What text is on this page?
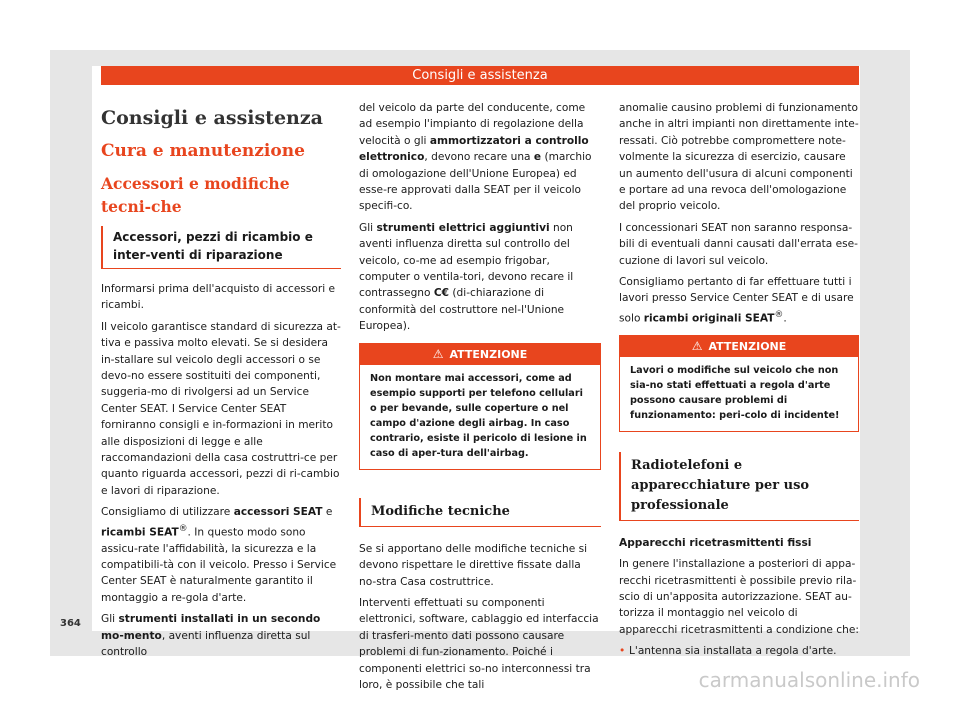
Consigli e assistenza
Consigli e assistenza
Cura e manutenzione
Accessori e modifiche tecni-che
Accessori, pezzi di ricambio e inter-venti di riparazione

Informarsi prima dell'acquisto di accessori e ricambi.

Il veicolo garantisce standard di sicurezza at-tiva e passiva molto elevati. Se si desidera in-stallare sul veicolo degli accessori o se devo-no essere sostituiti dei componenti, suggeria-mo di rivolgersi ad un Service Center SEAT. I Service Center SEAT forniranno consigli e in-formazioni in merito alle disposizioni di legge e alle raccomandazioni della casa costruttri-ce per quanto riguarda accessori, pezzi di ri-cambio e lavori di riparazione.

Consigliamo di utilizzare accessori SEAT e ricambi SEAT®. In questo modo sono assicu-rate l'affidabilità, la sicurezza e la compatibili-tà con il veicolo. Presso i Service Center SEAT è naturalmente garantito il montaggio a re-gola d'arte.

Gli strumenti installati in un secondo mo-mento, aventi influenza diretta sul controllo

del veicolo da parte del conducente, come ad esempio l'impianto di regolazione della velocità o gli ammortizzatori a controllo elettronico, devono recare una e (marchio di omologazione dell'Unione Europea) ed esse-re approvati dalla SEAT per il veicolo specifi-co.

Gli strumenti elettrici aggiuntivi non aventi influenza diretta sul controllo del veicolo, co-me ad esempio frigobar, computer o ventila-tori, devono recare il contrassegno C€ (di-chiarazione di conformità del costruttore nel-l'Unione Europea).

⚠ ATTENZIONE
Non montare mai accessori, come ad esempio supporti per telefono cellulari o per bevande, sulle coperture o nel campo d'azione degli airbag. In caso contrario, esiste il pericolo di lesione in caso di aper-tura dell'airbag.
Modifiche tecniche

Se si apportano delle modifiche tecniche si devono rispettare le direttive fissate dalla no-stra Casa costruttrice.

Interventi effettuati su componenti elettronici, software, cablaggio ed interfaccia di trasferi-mento dati possono causare problemi di fun-zionamento. Poiché i componenti elettrici so-no interconnessi tra loro, è possibile che tali

anomalie causino problemi di funzionamento anche in altri impianti non direttamente inte-ressati. Ciò potrebbe compromettere note-volmente la sicurezza di esercizio, causare un aumento dell'usura di alcuni componenti e portare ad una revoca dell'omologazione del proprio veicolo.

I concessionari SEAT non saranno responsa-bili di eventuali danni causati dall'errata ese-cuzione di lavori sul veicolo.

Consigliamo pertanto di far effettuare tutti i lavori presso Service Center SEAT e di usare solo ricambi originali SEAT®.

⚠ ATTENZIONE
Lavori o modifiche sul veicolo che non sia-no stati effettuati a regola d'arte possono causare problemi di funzionamento: peri-colo di incidente!
Radiotelefoni e apparecchiature per uso professionale

Apparecchi ricetrasmittenti fissi

In genere l'installazione a posteriori di appa-recchi ricetrasmittenti è possibile previo rila-scio di un'apposita autorizzazione. SEAT au-torizza il montaggio nel veicolo di apparecchi ricetrasmittenti a condizione che:

• L'antenna sia installata a regola d'arte.

364
carmanualsonline.info
